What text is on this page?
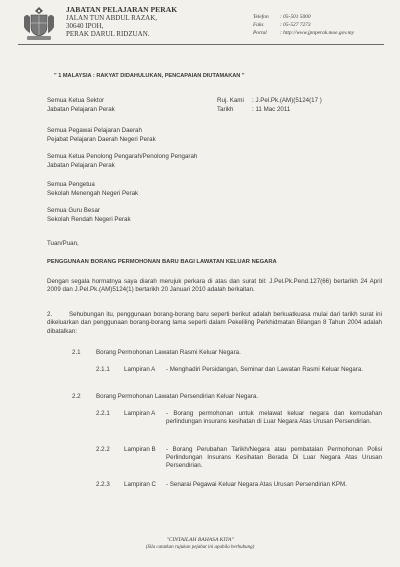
JABATAN PELAJARAN PERAK
JALAN TUN ABDUL RAZAK,
30640 IPOH,
PERAK DARUL RIDZUAN.
Telefon : 05-501 5000
Faks	: 05-527 7273
Portal : http://www.jpnperak.moe.gov.my
" 1 MALAYSIA : RAKYAT DIDAHULUKAN, PENCAPAIAN DIUTAMAKAN "
Ruj. Kami : J.Pel.Pk.(AM)(5124(17 )
Tarikh	: 11 Mac 2011
Semua Ketua Sektor
Jabatan Pelajaran Perak
Semua Pegawai Pelajaran Daerah
Pejabat Pelajaran Daerah Negeri Perak
Semua Ketua Penolong Pengarah/Penolong Pengarah
Jabatan Pelajaran Perak
Semua Pengetua
Sekolah Menengah Negeri Perak
Semua Guru Besar
Sekolah Rendah Negeri Perak
Tuan/Puan,
PENGGUNAAN BORANG PERMOHONAN BARU BAGI LAWATAN KELUAR NEGARA
Dengan segala hormatnya saya diarah merujuk perkara di atas dan surat bil: J.Pel.Pk.Pend.127(66) bertarikh 24 April 2009 dan J.Pel.Pk.(AM)5124(1) bertarikh 20 Januari 2010 adalah berkaitan.
2.	Sehubungan itu, penggunaan borang-borang baru seperti berikut adalah berkuatkuasa mulai dari tarikh surat ini dikeluarkan dan penggunaan borang-borang lama seperti dalam Pekeliling Perkhidmatan Bilangan 8 Tahun 2004 adalah dibatalkan:
2.1 Borang Permohonan Lawatan Rasmi Keluar Negara.
2.1.1 Lampiran A - Menghadiri Persidangan, Seminar dan Lawatan Rasmi Keluar Negara.
2.2 Borang Permohonan Lawatan Persendirian Keluar Negara.
2.2.1 Lampiran A - Borang permohonan untuk melawat keluar negara dan kemudahan perlindungan insurans kesihatan di Luar Negara Atas Urusan Persendirian.
2.2.2 Lampiran B - Borang Perubahan Tarikh/Negara atau pembatalan Permohonan Polisi Perlindungan Insurans Kesihatan Berada Di Luar Negara Atas Urusan Persendirian.
2.2.3 Lampiran C - Senarai Pegawai Keluar Negara Atas Urusan Persendirian KPM.
"CINTAILAH BAHASA KITA"
(Sila catatkan rujukan pejabat ini apabila berhubung)
